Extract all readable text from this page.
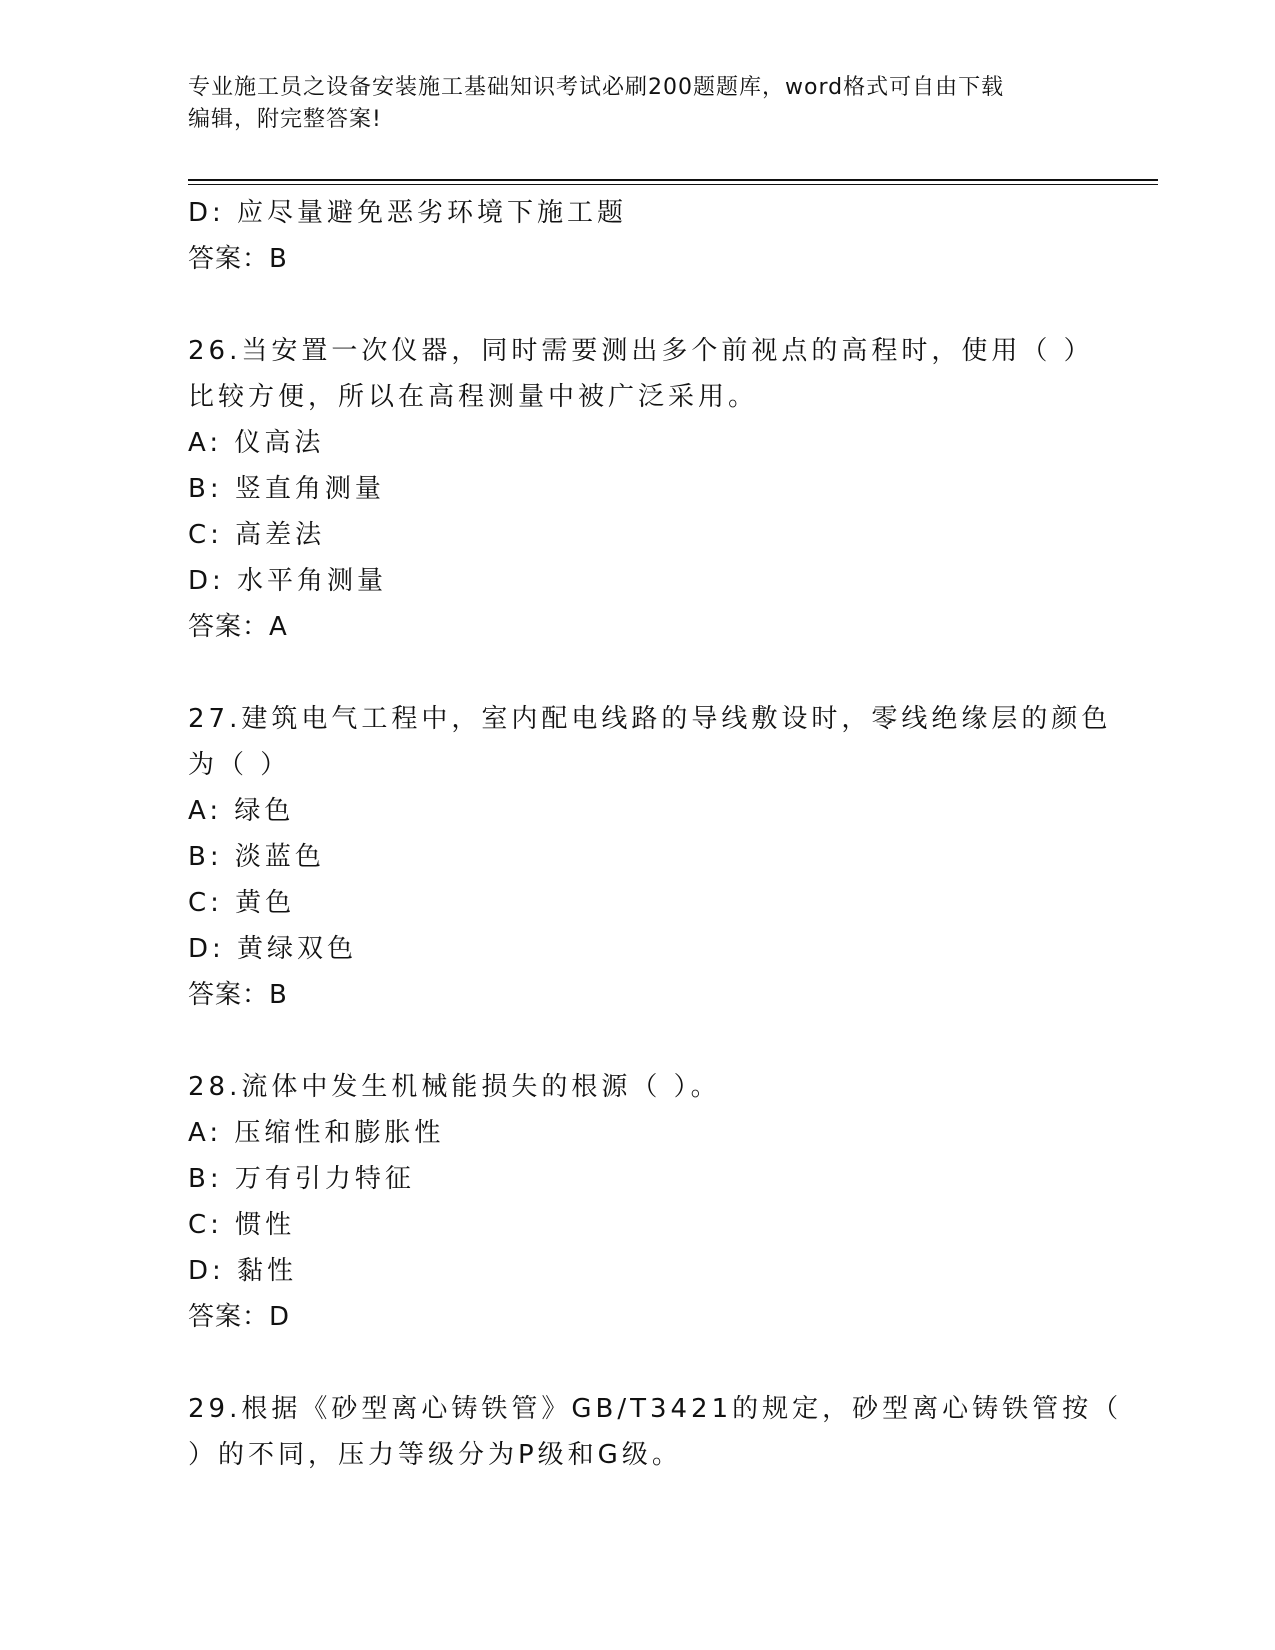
专业施工员之设备安装施工基础知识考试必刷200题题库，word格式可自由下载
编辑，附完整答案!
D: 应尽量避免恶劣环境下施工题
答案：B
26.当安置一次仪器，同时需要测出多个前视点的高程时，使用（ ）
比较方便，所以在高程测量中被广泛采用。
A: 仪高法
B: 竖直角测量
C: 高差法
D: 水平角测量
答案：A
27.建筑电气工程中，室内配电线路的导线敷设时，零线绝缘层的颜色
为（ ）
A: 绿色
B: 淡蓝色
C: 黄色
D: 黄绿双色
答案：B
28.流体中发生机械能损失的根源（ ）。
A: 压缩性和膨胀性
B: 万有引力特征
C: 惯性
D: 黏性
答案：D
29.根据《砂型离心铸铁管》GB/T3421的规定，砂型离心铸铁管按（
）的不同，压力等级分为P级和G级。
